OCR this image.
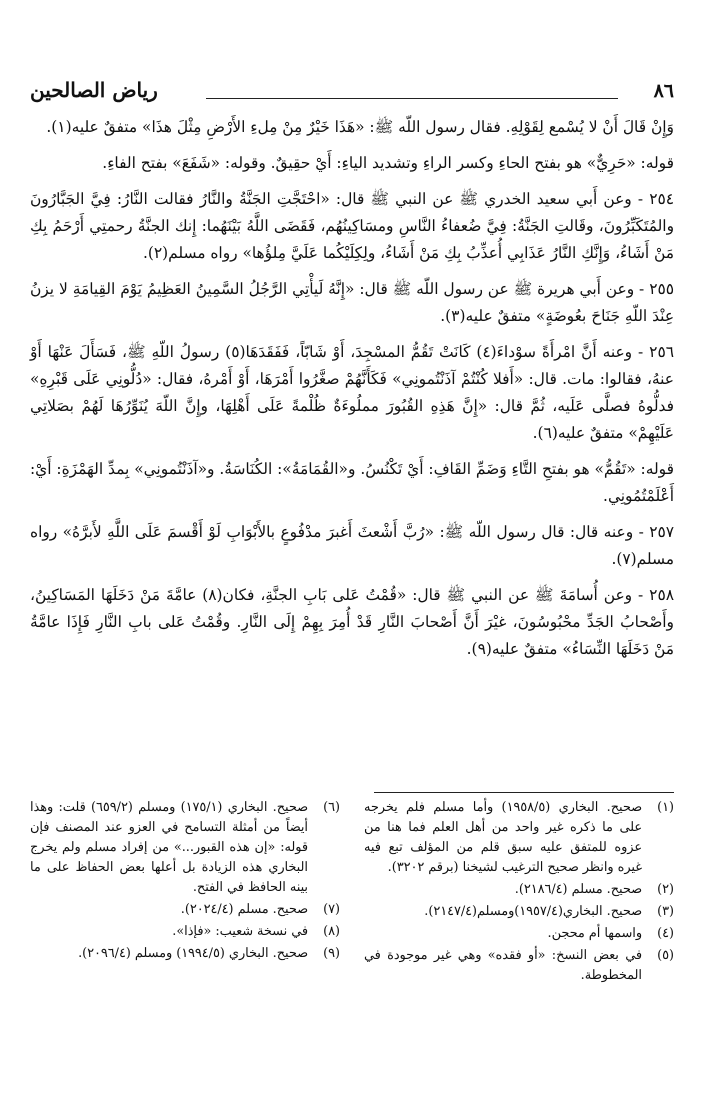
٨٦
رياض الصالحين

وَإِنْ قَالَ أَنْ لا يُسْمع لِقَوْلِهِ. فقال رسول اللّه ﷺ: «هَذَا خَيْرٌ مِنْ مِلءِ الأَرْضِ مِثْلَ هذَا» متفقٌ عليه(١).

قوله: «حَرِيٌّ» هو بفتح الحاءِ وكسر الراءِ وتشديد الياءِ: أَيْ حقِيقٌ. وقوله: «شَفَعَ» بفتح الفاءِ.

٢٥٤ - وعن أَبي سعيد الخدري ﷺ عن النبي ﷺ قال: «احْتَجَّتِ الجَنَّةُ والنَّارُ فقالت النَّارُ: فِيَّ الجَبَّارُونَ والمُتَكَبِّرُونَ، وقَالتِ الجَنَّةُ: فِيَّ ضُعفاءُ النَّاسِ ومسَاكِينُهُم، فَقَضَى اللَّهُ بَيْنَهُما: إِنك الجنَّةُ رحمتِي أَرْحَمُ بِكِ مَنْ أَشَاءُ، وَإِنَّكِ النَّارُ عَذَابِي أُعذِّبُ بِكِ مَنْ أَشَاءُ، ولِكِلَيْكُما عَلَيَّ مِلؤُها» رواه مسلم(٢).

٢٥٥ - وعن أَبي هريرة ﷺ عن رسول اللّه ﷺ قال: «إِنَّهُ لَيأْتِي الرَّجُلُ السَّمِينُ العَظِيمُ يَوْمَ القِيامَةِ لا يزنُ عِنْدَ اللّهِ جَنَاحَ بعُوضَةٍ» متفقٌ عليه(٣).

٢٥٦ - وعنه أَنَّ امْرأَةً سوْداءَ(٤) كَانَتْ تَقُمُّ المسْجِدَ، أَوْ شَابّاً، فَفَقَدَهَا(٥) رسولُ اللّهِ ﷺ، فَسَأَلَ عَنْهَا أَوْ عنهُ، فقالوا: مات. قال: «أَفلا كُنْتُمْ آذَنْتُمونِي» فَكَأَنَّهُمْ صغَّرُوا أَمْرَهَا، أَوْ أَمْرهُ، فقال: «دُلُّونِي عَلَى قَبْرِهِ» فدلُّوهُ فصلَّى عَلَيه، ثُمَّ قال: «إِنَّ هَذِهِ القُبُورَ مملُوءَةٌ ظُلْمةً عَلَى أَهْلِهَا، وإِنَّ اللّهَ يُنَوِّرُهَا لَهُمْ بصَلاتِي عَلَيْهِمْ» متفقٌ عليه(٦).

قوله: «تَقُمُّ» هو بفتحِ التَّاءِ وَضَمِّ القَافِ: أَيْ تَكْنُسُ. و«القُمَامَةُ»: الكُنَاسَةُ. و«آذَنْتُمونِي» بِمدِّ الهَمْزَةِ: أَيْ: أَعْلَمْتُمُونِي.

٢٥٧ - وعنه قال: قال رسول اللّه ﷺ: «رُبَّ أَشْعثَ أَغبرَ مدْفُوعٍ بالأَبْوَابِ لَوْ أَقْسمَ عَلَى اللَّهِ لأَبرَّهُ» رواه مسلم(٧).

٢٥٨ - وعن أُسامَةَ ﷺ عن النبي ﷺ قال: «قُمْتُ عَلى بَابِ الجنَّةِ، فكان(٨) عامَّةَ مَنْ دَخَلَهَا المَسَاكِينُ، وأَصْحابُ الجَدِّ محْبُوسُونَ، غيْرَ أَنَّ أَصْحابَ النَّارِ قَدْ أُمِرَ بِهِمْ إِلَى النَّارِ. وقُمْتُ عَلى بابِ النَّارِ فَإِذَا عامَّةُ مَنْ دَخَلَهَا النِّسَاءُ» متفقٌ عليه(٩).

(١)
صحيح. البخاري (١٩٥٨/٥) وأما مسلم فلم يخرجه على ما ذكره غير واحد من أهل العلم فما هنا من عزوه للمتفق عليه سبق قلم من المؤلف تبع فيه غيره وانظر صحيح الترغيب لشيخنا (برقم ٣٢٠٢).
(٢)
صحيح. مسلم (٢١٨٦/٤).
(٣)
صحيح. البخاري(١٩٥٧/٤)ومسلم(٢١٤٧/٤).
(٤)
واسمها أم محجن.
(٥)
في بعض النسخ: «أو فقده» وهي غير موجودة في المخطوطة.
(٦)
صحيح. البخاري (١٧٥/١) ومسلم (٦٥٩/٢) قلت: وهذا أيضاً من أمثلة التسامح في العزو عند المصنف فإن قوله: «إن هذه القبور...» من إفراد مسلم ولم يخرج البخاري هذه الزيادة بل أعلها بعض الحفاظ على ما بينه الحافظ في الفتح.
(٧)
صحيح. مسلم (٢٠٢٤/٤).
(٨)
في نسخة شعيب: «فإذا».
(٩)
صحيح. البخاري (١٩٩٤/٥) ومسلم (٢٠٩٦/٤).
